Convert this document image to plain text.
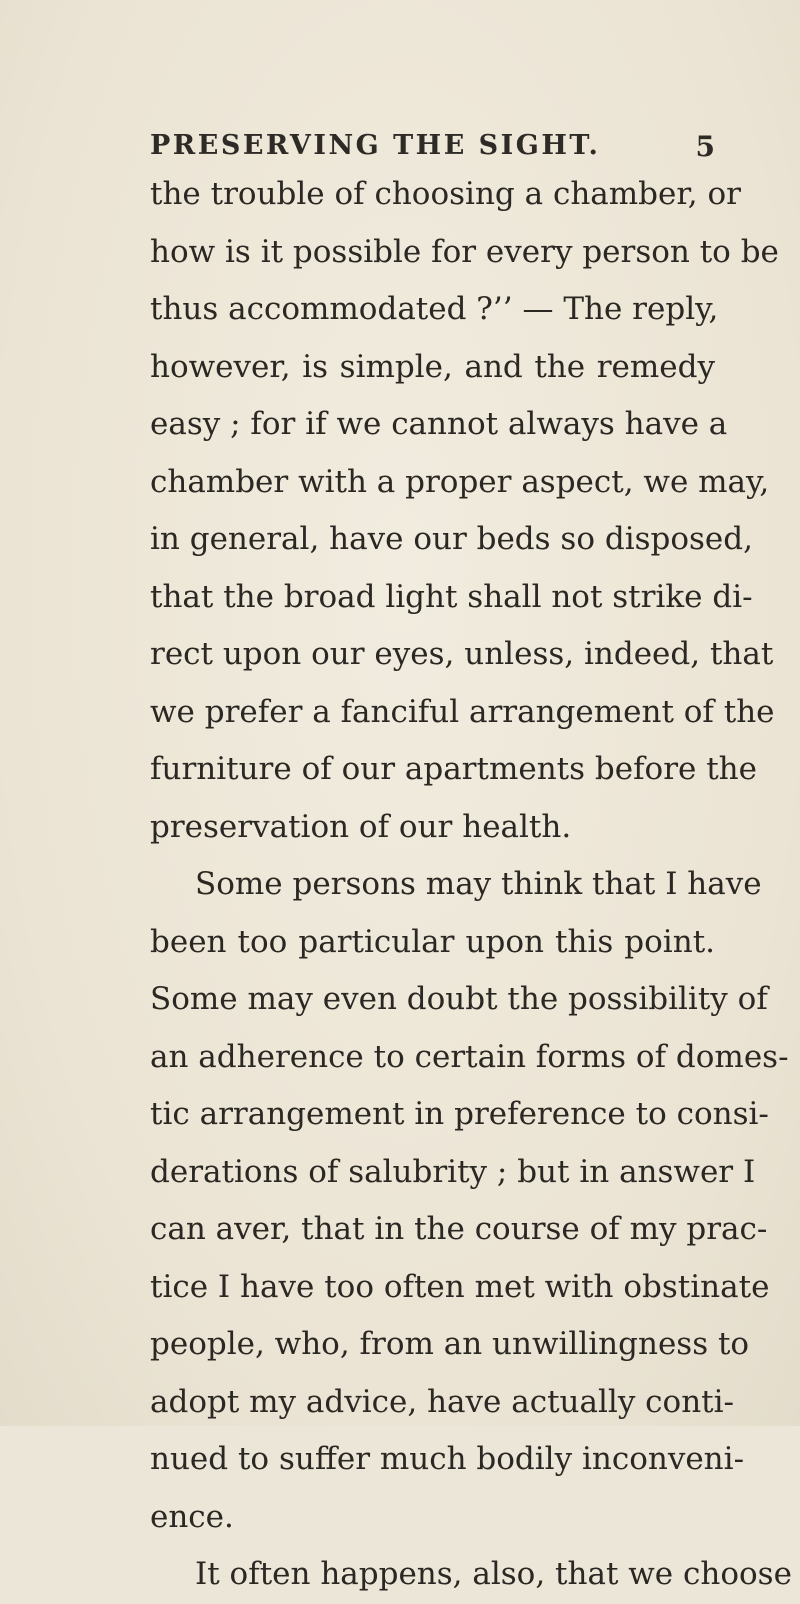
PRESERVING THE SIGHT.	5
the trouble of choosing a chamber, or
how is it possible for every person to be
thus accommodated ?’’ — The reply,
however, is simple, and the remedy
easy ; for if we cannot always have a
chamber with a proper aspect, we may,
in general, have our beds so disposed,
that the broad light shall not strike di-
rect upon our eyes, unless, indeed, that
we prefer a fanciful arrangement of the
furniture of our apartments before the
preservation of our health.
Some persons may think that I have
been too particular upon this point.
Some may even doubt the possibility of
an adherence to certain forms of domes-
tic arrangement in preference to consi-
derations of salubrity ; but in answer I
can aver, that in the course of my prac-
tice I have too often met with obstinate
people, who, from an unwillingness to
adopt my advice, have actually conti-
nued to suffer much bodily inconveni-
ence.
It often happens, also, that we choose
